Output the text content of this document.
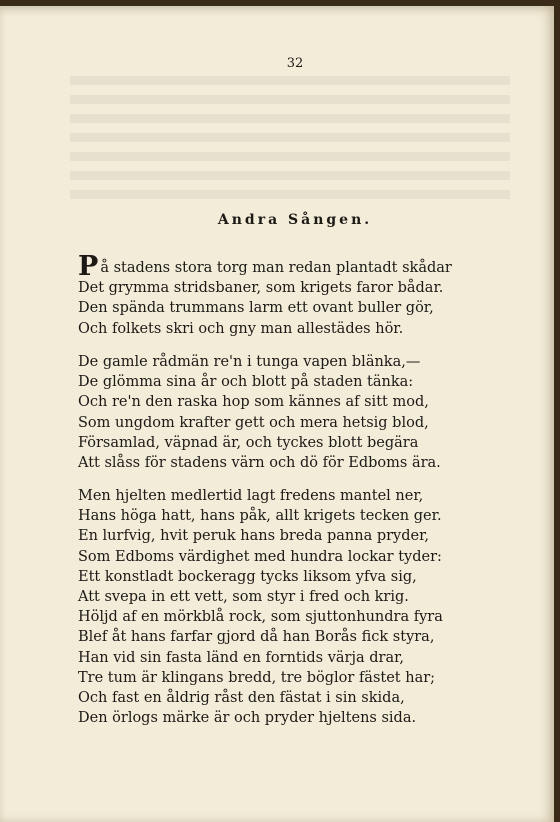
32
Andra Sången.
På stadens stora torg man redan plantadt skådar
Det grymma stridsbaner, som krigets faror bådar.
Den spända trummans larm ett ovant buller gör,
Och folkets skri och gny man allestädes hör.
De gamle rådmän re'n i tunga vapen blänka,—
De glömma sina år och blott på staden tänka:
Och re'n den raska hop som kännes af sitt mod,
Som ungdom krafter gett och mera hetsig blod,
Församlad, väpnad är, och tyckes blott begära
Att slåss för stadens värn och dö för Edboms ära.
Men hjelten medlertid lagt fredens mantel ner,
Hans höga hatt, hans påk, allt krigets tecken ger.
En lurfvig, hvit peruk hans breda panna pryder,
Som Edboms värdighet med hundra lockar tyder:
Ett konstladt bockeragg tycks liksom yfva sig,
Att svepa in ett vett, som styr i fred och krig.
Höljd af en mörkblå rock, som sjuttonhundra fyra
Blef åt hans farfar gjord då han Borås fick styra,
Han vid sin fasta länd en forntids värja drar,
Tre tum är klingans bredd, tre böglor fästet har;
Och fast en åldrig råst den fästat i sin skida,
Den örlogs märke är och pryder hjeltens sida.
